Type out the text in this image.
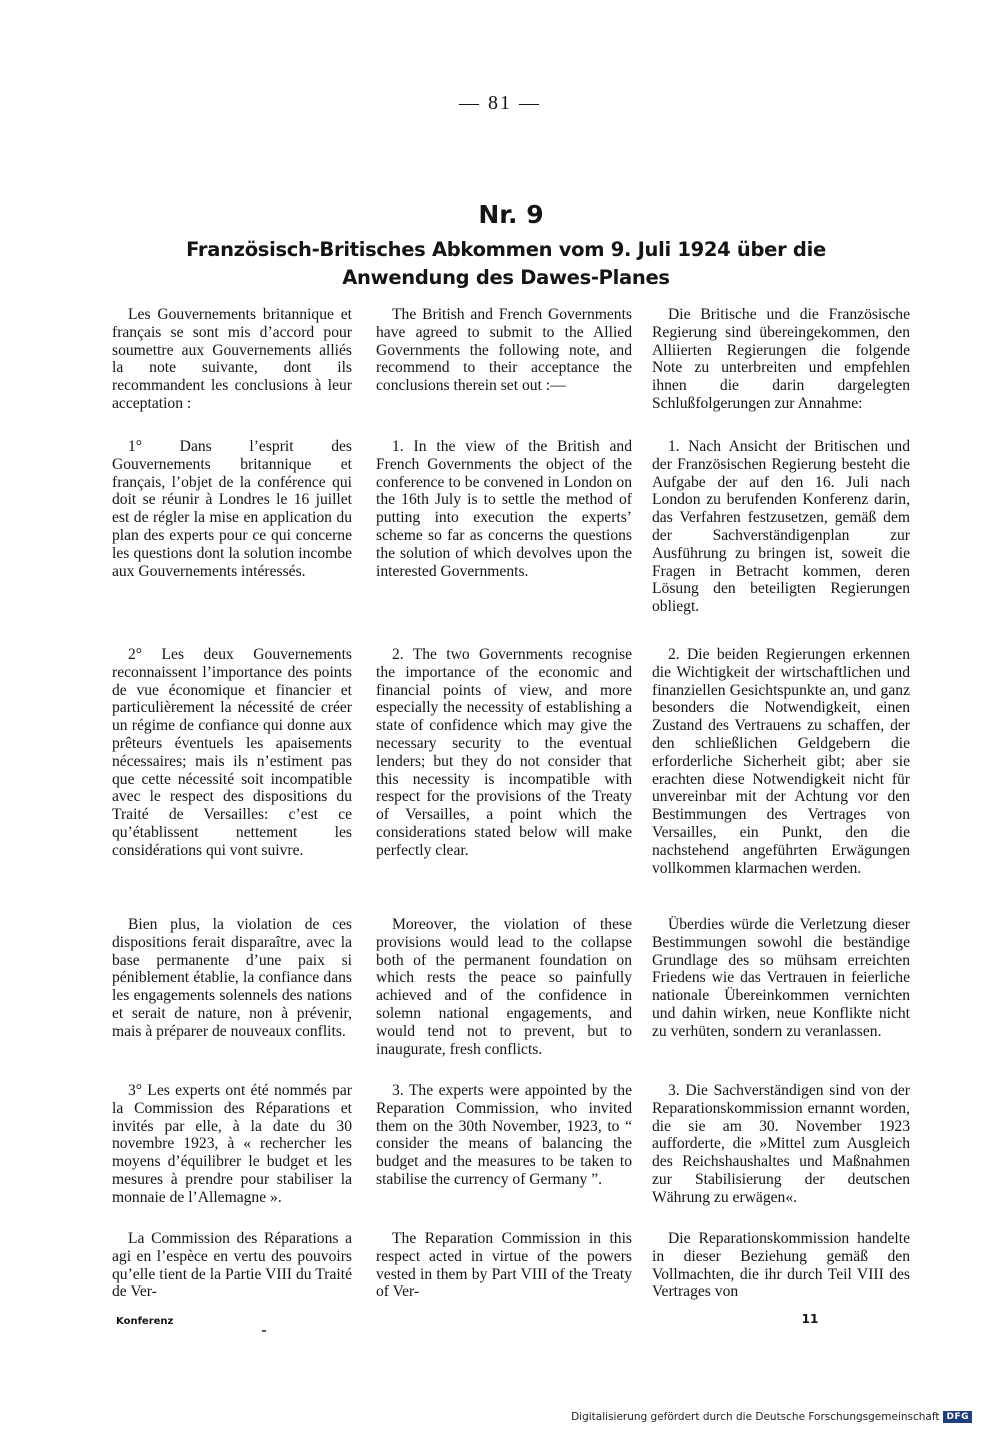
— 81 —
Nr. 9
Französisch-Britisches Abkommen vom 9. Juli 1924 über die Anwendung des Dawes-Planes

Les Gouvernements britannique et français se sont mis d’accord pour soumettre aux Gouvernements alliés la note suivante, dont ils recommandent les conclusions à leur acceptation :

1° Dans l’esprit des Gouvernements britannique et français, l’objet de la conférence qui doit se réunir à Londres le 16 juillet est de régler la mise en application du plan des experts pour ce qui concerne les questions dont la solution incombe aux Gouvernements intéressés.

2° Les deux Gouvernements reconnaissent l’importance des points de vue économique et financier et particulièrement la nécessité de créer un régime de confiance qui donne aux prêteurs éventuels les apaisements nécessaires; mais ils n’estiment pas que cette nécessité soit incompatible avec le respect des dispositions du Traité de Versailles: c’est ce qu’établissent nettement les considérations qui vont suivre.

Bien plus, la violation de ces dispositions ferait disparaître, avec la base permanente d’une paix si péniblement établie, la confiance dans les engagements solennels des nations et serait de nature, non à prévenir, mais à préparer de nouveaux conflits.

3° Les experts ont été nommés par la Commission des Réparations et invités par elle, à la date du 30 novembre 1923, à « rechercher les moyens d’équilibrer le budget et les mesures à prendre pour stabiliser la monnaie de l’Allemagne ».

La Commission des Réparations a agi en l’espèce en vertu des pouvoirs qu’elle tient de la Partie VIII du Traité de Ver-

The British and French Governments have agreed to submit to the Allied Governments the following note, and recommend to their acceptance the conclusions therein set out :—

1. In the view of the British and French Governments the object of the conference to be convened in London on the 16th July is to settle the method of putting into execution the experts’ scheme so far as concerns the questions the solution of which devolves upon the interested Governments.

2. The two Governments recognise the importance of the economic and financial points of view, and more especially the necessity of establishing a state of confidence which may give the necessary security to the eventual lenders; but they do not consider that this necessity is incompatible with respect for the provisions of the Treaty of Versailles, a point which the considerations stated below will make perfectly clear.

Moreover, the violation of these provisions would lead to the collapse both of the permanent foundation on which rests the peace so painfully achieved and of the confidence in solemn national engagements, and would tend not to prevent, but to inaugurate, fresh conflicts.

3. The experts were appointed by the Reparation Commission, who invited them on the 30th November, 1923, to “ consider the means of balancing the budget and the measures to be taken to stabilise the currency of Germany ”.

The Reparation Commission in this respect acted in virtue of the powers vested in them by Part VIII of the Treaty of Ver-

Die Britische und die Französische Regierung sind übereingekommen, den Alliierten Regierungen die folgende Note zu unterbreiten und empfehlen ihnen die darin dargelegten Schlußfolgerungen zur Annahme:

1. Nach Ansicht der Britischen und der Französischen Regierung besteht die Aufgabe der auf den 16. Juli nach London zu berufenden Konferenz darin, das Verfahren festzusetzen, gemäß dem der Sachverständigenplan zur Ausführung zu bringen ist, soweit die Fragen in Betracht kommen, deren Lösung den beteiligten Regierungen obliegt.

2. Die beiden Regierungen erkennen die Wichtigkeit der wirtschaftlichen und finanziellen Gesichtspunkte an, und ganz besonders die Notwendigkeit, einen Zustand des Vertrauens zu schaffen, der den schließlichen Geldgebern die erforderliche Sicherheit gibt; aber sie erachten diese Notwendigkeit nicht für unvereinbar mit der Achtung vor den Bestimmungen des Vertrages von Versailles, ein Punkt, den die nachstehend angeführten Erwägungen vollkommen klarmachen werden.

Überdies würde die Verletzung dieser Bestimmungen sowohl die beständige Grundlage des so mühsam erreichten Friedens wie das Vertrauen in feierliche nationale Übereinkommen vernichten und dahin wirken, neue Konflikte nicht zu verhüten, sondern zu veranlassen.

3. Die Sachverständigen sind von der Reparationskommission ernannt worden, die sie am 30. November 1923 aufforderte, die »Mittel zum Ausgleich des Reichshaushaltes und Maßnahmen zur Stabilisierung der deutschen Währung zu erwägen«.

Die Reparationskommission handelte in dieser Beziehung gemäß den Vollmachten, die ihr durch Teil VIII des Vertrages von

Konferenz	11
Digitalisierung gefördert durch die Deutsche Forschungsgemeinschaft DFG
